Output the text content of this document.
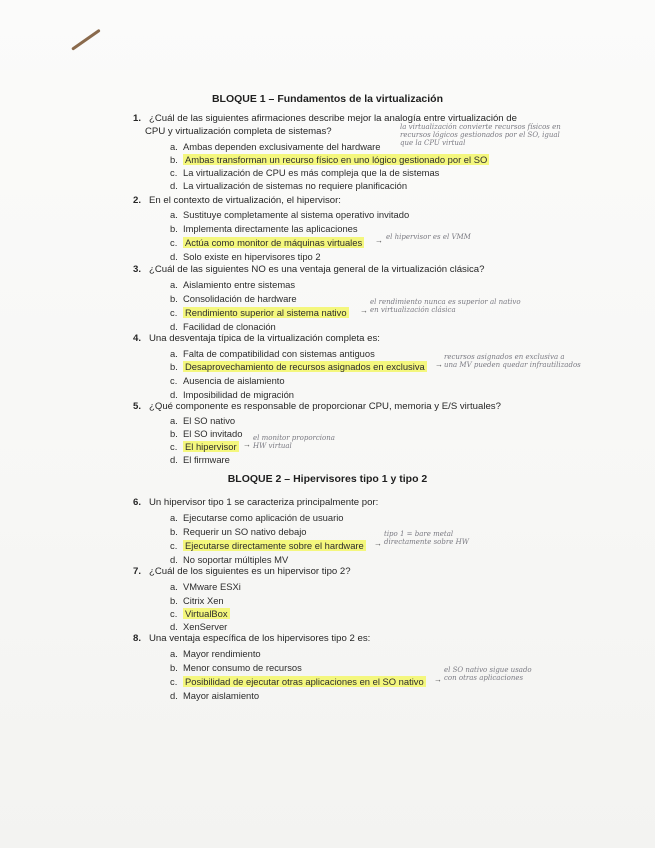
BLOQUE 1 – Fundamentos de la virtualización
1. ¿Cuál de las siguientes afirmaciones describe mejor la analogía entre virtualización de
CPU y virtualización completa de sistemas?
a. Ambas dependen exclusivamente del hardware
b. Ambas transforman un recurso físico en uno lógico gestionado por el SO
c. La virtualización de CPU es más compleja que la de sistemas
d. La virtualización de sistemas no requiere planificación
la virtualización convierte recursos físicos en
recursos lógicos gestionados por el SO, igual
que la CPU virtual
2. En el contexto de virtualización, el hipervisor:
a. Sustituye completamente al sistema operativo invitado
b. Implementa directamente las aplicaciones
c. Actúa como monitor de máquinas virtuales
d. Solo existe en hipervisores tipo 2
→ el hipervisor es el VMM
3. ¿Cuál de las siguientes NO es una ventaja general de la virtualización clásica?
a. Aislamiento entre sistemas
b. Consolidación de hardware
c. Rendimiento superior al sistema nativo
d. Facilidad de clonación
→
el rendimiento nunca es superior al nativo
en virtualización clásica
4. Una desventaja típica de la virtualización completa es:
a. Falta de compatibilidad con sistemas antiguos
b. Desaprovechamiento de recursos asignados en exclusiva
c. Ausencia de aislamiento
d. Imposibilidad de migración
→
recursos asignados en exclusiva a
una MV pueden quedar infrautilizados
5. ¿Qué componente es responsable de proporcionar CPU, memoria y E/S virtuales?
a. El SO nativo
b. El SO invitado
c. El hipervisor
d. El firmware
→
el monitor proporciona
HW virtual
BLOQUE 2 – Hipervisores tipo 1 y tipo 2
6. Un hipervisor tipo 1 se caracteriza principalmente por:
a. Ejecutarse como aplicación de usuario
b. Requerir un SO nativo debajo
c. Ejecutarse directamente sobre el hardware
d. No soportar múltiples MV
→
tipo 1 = bare metal
directamente sobre HW
7. ¿Cuál de los siguientes es un hipervisor tipo 2?
a. VMware ESXi
b. Citrix Xen
c. VirtualBox
d. XenServer
8. Una ventaja específica de los hipervisores tipo 2 es:
a. Mayor rendimiento
b. Menor consumo de recursos
c. Posibilidad de ejecutar otras aplicaciones en el SO nativo
d. Mayor aislamiento
→
el SO nativo sigue usado
con otras aplicaciones
